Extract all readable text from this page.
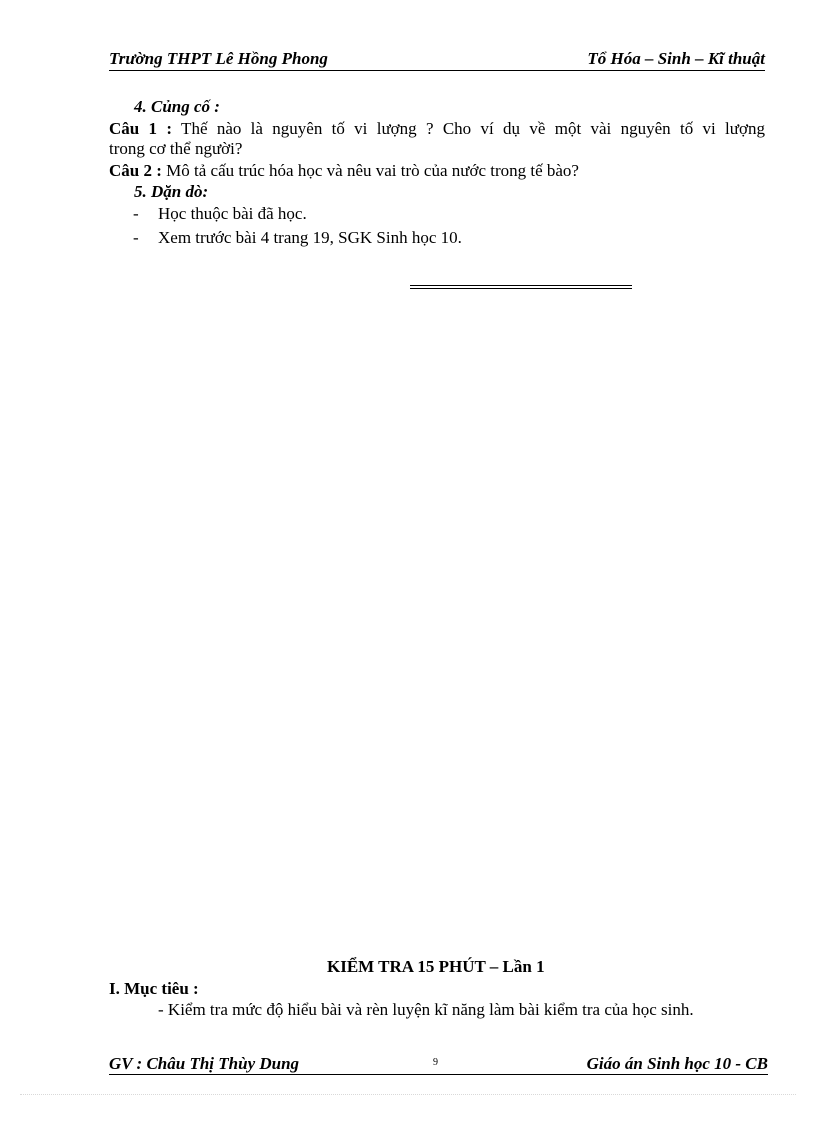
Trường THPT Lê Hồng Phong	Tổ Hóa – Sinh – Kĩ thuật
4. Củng cố :
Câu 1 : Thế nào là nguyên tố vi lượng ? Cho ví dụ về một vài nguyên tố vi lượng
trong cơ thể người?
Câu 2 : Mô tả cấu trúc hóa học và nêu vai trò của nước trong tế bào?
5. Dặn dò:
- Học thuộc bài đã học.
- Xem trước bài 4 trang 19, SGK Sinh học 10.
KIỂM TRA 15 PHÚT – Lần 1
I. Mục tiêu :
- Kiểm tra mức độ hiểu bài và rèn luyện kĩ năng làm bài kiểm tra của học sinh.
GV : Châu Thị Thùy Dung	9	Giáo án Sinh học 10 - CB
